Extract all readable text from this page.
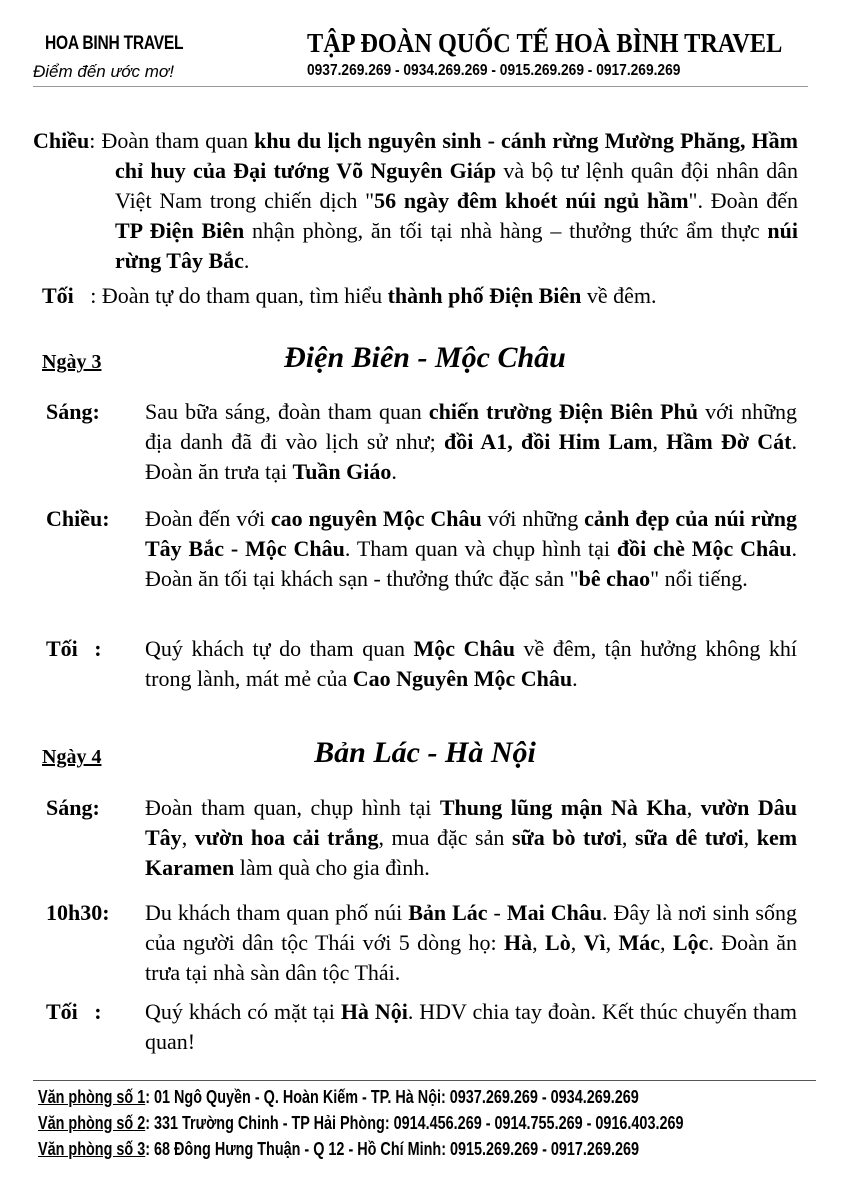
HOA BINH TRAVEL
Điểm đến ước mơ!
TẬP ĐOÀN QUỐC TẾ HOÀ BÌNH TRAVEL
0937.269.269 - 0934.269.269 - 0915.269.269 - 0917.269.269
Chiều: Đoàn tham quan khu du lịch nguyên sinh - cánh rừng Mường Phăng, Hầm chỉ huy của Đại tướng Võ Nguyên Giáp và bộ tư lệnh quân đội nhân dân Việt Nam trong chiến dịch "56 ngày đêm khoét núi ngủ hầm". Đoàn đến TP Điện Biên nhận phòng, ăn tối tại nhà hàng – thưởng thức ẩm thực núi rừng Tây Bắc.
Tối   : Đoàn tự do tham quan, tìm hiểu thành phố Điện Biên về đêm.
Ngày 3	Điện Biên - Mộc Châu
Sáng: Sau bữa sáng, đoàn tham quan chiến trường Điện Biên Phủ với những địa danh đã đi vào lịch sử như; đồi A1, đồi Him Lam, Hầm Đờ Cát. Đoàn ăn trưa tại Tuần Giáo.
Chiều: Đoàn đến với cao nguyên Mộc Châu với những cảnh đẹp của núi rừng Tây Bắc - Mộc Châu. Tham quan và chụp hình tại đồi chè Mộc Châu. Đoàn ăn tối tại khách sạn - thưởng thức đặc sản "bê chao" nổi tiếng.
Tối   : Quý khách tự do tham quan Mộc Châu về đêm, tận hưởng không khí trong lành, mát mẻ của Cao Nguyên Mộc Châu.
Ngày 4	Bản Lác - Hà Nội
Sáng: Đoàn tham quan, chụp hình tại Thung lũng mận Nà Kha, vườn Dâu Tây, vườn hoa cải trắng, mua đặc sản sữa bò tươi, sữa dê tươi, kem Karamen làm quà cho gia đình.
10h30: Du khách tham quan phố núi Bản Lác - Mai Châu. Đây là nơi sinh sống của người dân tộc Thái với 5 dòng họ: Hà, Lò, Vì, Mác, Lộc. Đoàn ăn trưa tại nhà sàn dân tộc Thái.
Tối   : Quý khách có mặt tại Hà Nội. HDV chia tay đoàn. Kết thúc chuyến tham quan!
Văn phòng số 1: 01 Ngô Quyền - Q. Hoàn Kiếm - TP. Hà Nội: 0937.269.269 - 0934.269.269
Văn phòng số 2: 331 Trường Chinh - TP Hải Phòng: 0914.456.269 - 0914.755.269 - 0916.403.269
Văn phòng số 3: 68 Đông Hưng Thuận - Q 12 - Hồ Chí Minh: 0915.269.269 - 0917.269.269
